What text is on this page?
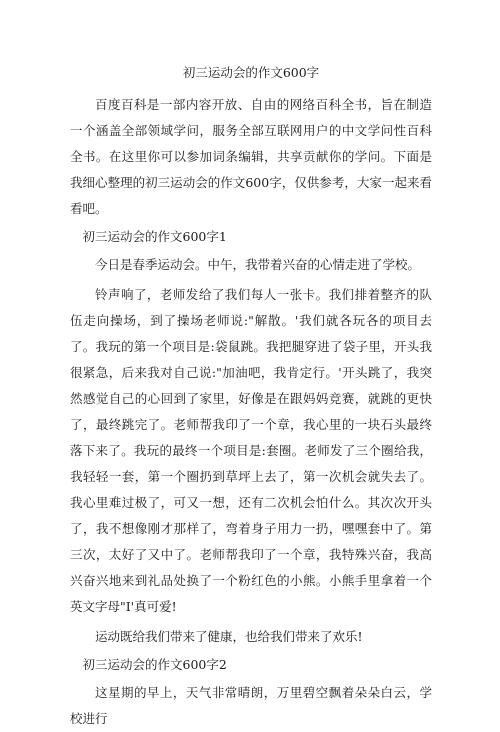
初三运动会的作文600字

百度百科是一部内容开放、自由的网络百科全书，旨在制造一个涵盖全部领域学问，服务全部互联网用户的中文学问性百科全书。在这里你可以参加词条编辑，共享贡献你的学问。下面是我细心整理的初三运动会的作文600字，仅供参考，大家一起来看看吧。

初三运动会的作文600字1

今日是春季运动会。中午，我带着兴奋的心情走进了学校。

铃声响了，老师发给了我们每人一张卡。我们排着整齐的队伍走向操场，到了操场老师说:"解散。'我们就各玩各的项目去了。我玩的第一个项目是:袋鼠跳。我把腿穿进了袋子里，开头我很紧急，后来我对自己说:"加油吧，我肯定行。'开头跳了，我突然感觉自己的心回到了家里，好像是在跟妈妈竞赛，就跳的更快了，最终跳完了。老师帮我印了一个章，我心里的一块石头最终落下来了。我玩的最终一个项目是:套圈。老师发了三个圈给我，我轻轻一套，第一个圈扔到草坪上去了，第一次机会就失去了。我心里难过极了，可又一想，还有二次机会怕什么。其次次开头了，我不想像刚才那样了，弯着身子用力一扔，嘿嘿套中了。第三次，太好了又中了。老师帮我印了一个章，我特殊兴奋，我高兴奋兴地来到礼品处换了一个粉红色的小熊。小熊手里拿着一个英文字母"I'真可爱!

运动既给我们带来了健康，也给我们带来了欢乐!

初三运动会的作文600字2

这星期的早上，天气非常晴朗，万里碧空飘着朵朵白云，学校进行
